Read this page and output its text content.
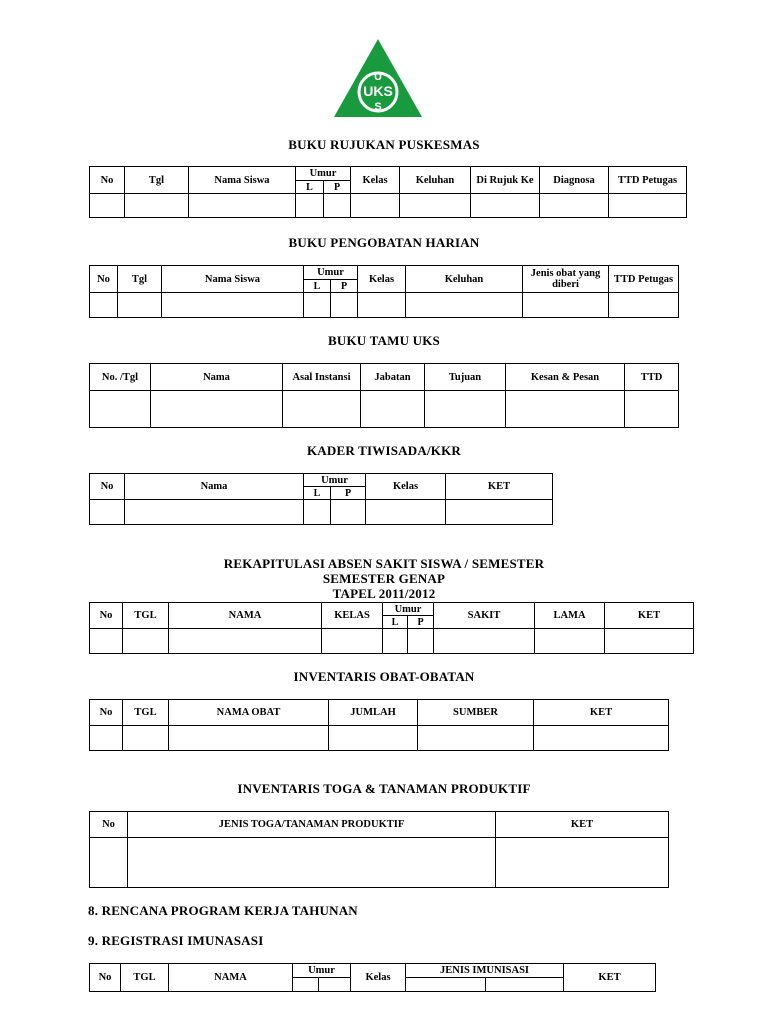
U
UKS
S
BUKU RUJUKAN PUSKESMAS
No	Tgl	Nama Siswa	Umur		Kelas	Keluhan	Di Rujuk Ke	Diagnosa	TTD Petugas
			L	P					

BUKU PENGOBATAN HARIAN
No	Tgl	Nama Siswa	Umur		Kelas	Keluhan	Jenis obat yang diberi	TTD Petugas
			L	P				

BUKU TAMU UKS
No. /Tgl	Nama	Asal Instansi	Jabatan	Tujuan	Kesan & Pesan	TTD

KADER TIWISADA/KKR
No	Nama	Umur		Kelas	KET
		L	P		

REKAPITULASI ABSEN SAKIT SISWA / SEMESTER
SEMESTER GENAP
TAPEL 2011/2012
No	TGL	NAMA	KELAS	Umur		SAKIT	LAMA	KET
				L	P			

INVENTARIS OBAT-OBATAN
No	TGL	NAMA OBAT	JUMLAH	SUMBER	KET

INVENTARIS TOGA & TANAMAN PRODUKTIF
No	JENIS TOGA/TANAMAN PRODUKTIF	KET

8. RENCANA PROGRAM KERJA TAHUNAN
9. REGISTRASI IMUNASASI
No	TGL	NAMA	Umur		Kelas	JENIS IMUNISASI		KET
